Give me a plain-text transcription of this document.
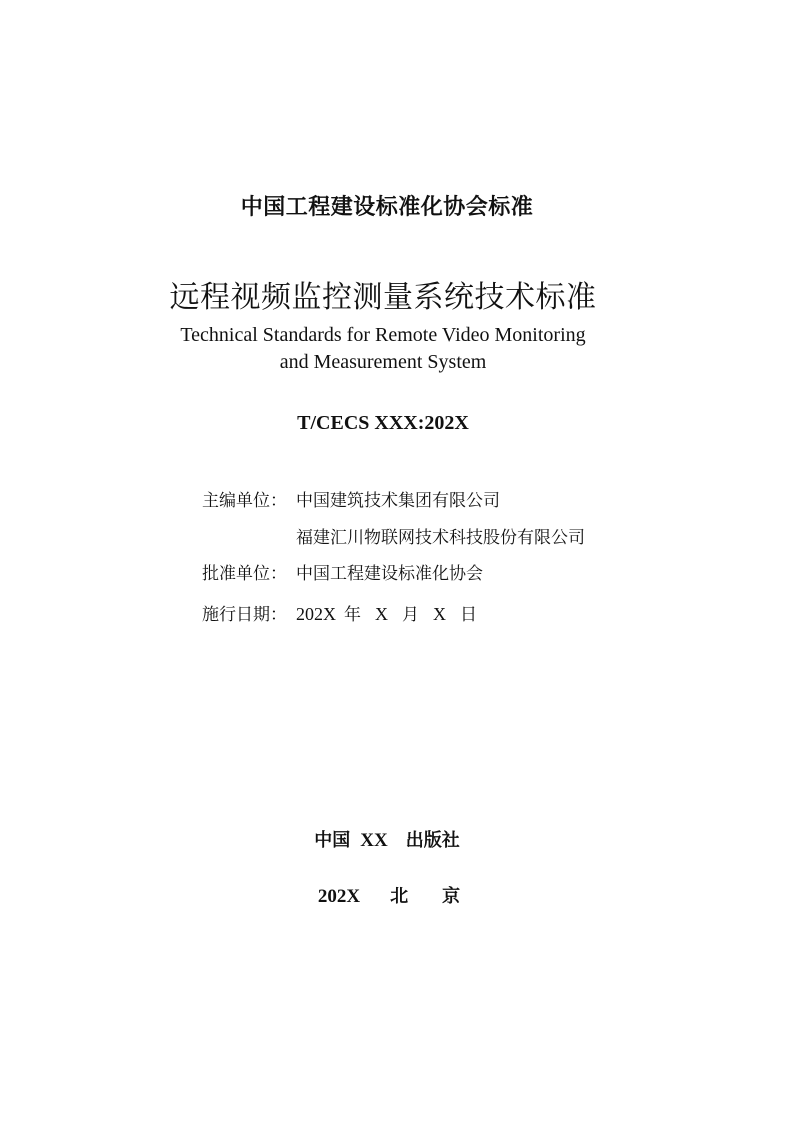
中国工程建设标准化协会标准
远程视频监控测量系统技术标准
Technical Standards for Remote Video Monitoring
and Measurement System
T/CECS XXX:202X
主编单位： 中国建筑技术集团有限公司
福建汇川物联网技术科技股份有限公司
批准单位： 中国工程建设标准化协会
施行日期： 202X 年 X 月 X 日
中国 XX 出版社
202X 北 京
